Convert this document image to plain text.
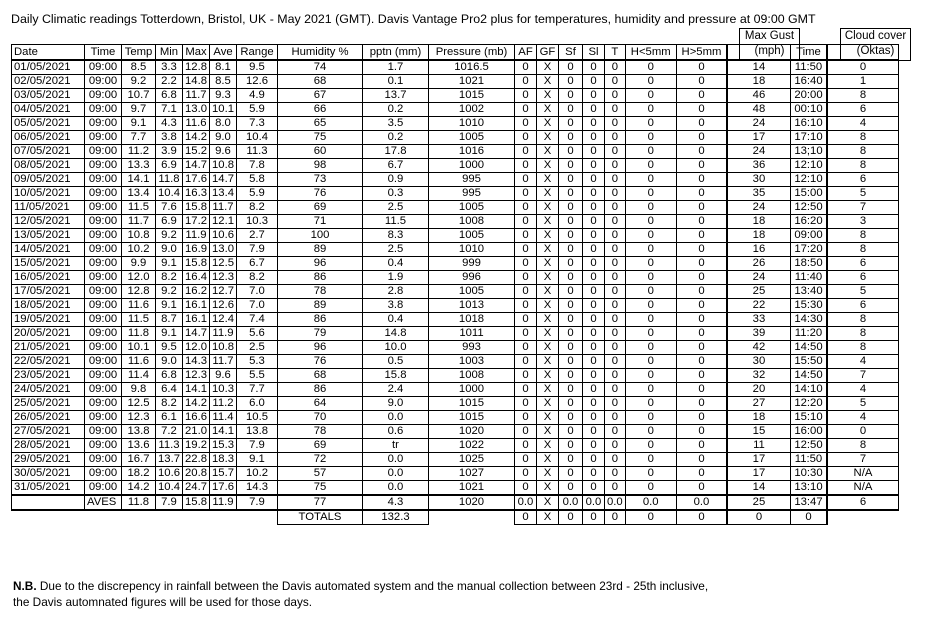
Daily Climatic readings Totterdown, Bristol, UK - May 2021 (GMT). Davis Vantage Pro2 plus for temperatures, humidity and pressure at 09:00 GMT
Max Gust
(mph)
Cloud cover
(Oktas)
Date	Time	Temp	Min	Max	Ave	Range	Humidity %	pptn (mm)	Pressure (mb)	AF	GF	Sf	Sl	T	H<5mm	H>5mm		Time	
01/05/2021	09:00	8.5	3.3	12.8	8.1	9.5	74	1.7	1016.5	0	X	0	0	0	0	0	14	11:50	0
02/05/2021	09:00	9.2	2.2	14.8	8.5	12.6	68	0.1	1021	0	X	0	0	0	0	0	18	16:40	1
03/05/2021	09:00	10.7	6.8	11.7	9.3	4.9	67	13.7	1015	0	X	0	0	0	0	0	46	20:00	8
04/05/2021	09:00	9.7	7.1	13.0	10.1	5.9	66	0.2	1002	0	X	0	0	0	0	0	48	00:10	6
05/05/2021	09:00	9.1	4.3	11.6	8.0	7.3	65	3.5	1010	0	X	0	0	0	0	0	24	16:10	4
06/05/2021	09:00	7.7	3.8	14.2	9.0	10.4	75	0.2	1005	0	X	0	0	0	0	0	17	17:10	8
07/05/2021	09:00	11.2	3.9	15.2	9.6	11.3	60	17.8	1016	0	X	0	0	0	0	0	24	13;10	8
08/05/2021	09:00	13.3	6.9	14.7	10.8	7.8	98	6.7	1000	0	X	0	0	0	0	0	36	12:10	8
09/05/2021	09:00	14.1	11.8	17.6	14.7	5.8	73	0.9	995	0	X	0	0	0	0	0	30	12:10	6
10/05/2021	09:00	13.4	10.4	16.3	13.4	5.9	76	0.3	995	0	X	0	0	0	0	0	35	15:00	5
11/05/2021	09:00	11.5	7.6	15.8	11.7	8.2	69	2.5	1005	0	X	0	0	0	0	0	24	12:50	7
12/05/2021	09:00	11.7	6.9	17.2	12.1	10.3	71	11.5	1008	0	X	0	0	0	0	0	18	16:20	3
13/05/2021	09:00	10.8	9.2	11.9	10.6	2.7	100	8.3	1005	0	X	0	0	0	0	0	18	09:00	8
14/05/2021	09:00	10.2	9.0	16.9	13.0	7.9	89	2.5	1010	0	X	0	0	0	0	0	16	17:20	8
15/05/2021	09:00	9.9	9.1	15.8	12.5	6.7	96	0.4	999	0	X	0	0	0	0	0	26	18:50	6
16/05/2021	09:00	12.0	8.2	16.4	12.3	8.2	86	1.9	996	0	X	0	0	0	0	0	24	11:40	6
17/05/2021	09:00	12.8	9.2	16.2	12.7	7.0	78	2.8	1005	0	X	0	0	0	0	0	25	13:40	5
18/05/2021	09:00	11.6	9.1	16.1	12.6	7.0	89	3.8	1013	0	X	0	0	0	0	0	22	15:30	6
19/05/2021	09:00	11.5	8.7	16.1	12.4	7.4	86	0.4	1018	0	X	0	0	0	0	0	33	14:30	8
20/05/2021	09:00	11.8	9.1	14.7	11.9	5.6	79	14.8	1011	0	X	0	0	0	0	0	39	11:20	8
21/05/2021	09:00	10.1	9.5	12.0	10.8	2.5	96	10.0	993	0	X	0	0	0	0	0	42	14:50	8
22/05/2021	09:00	11.6	9.0	14.3	11.7	5.3	76	0.5	1003	0	X	0	0	0	0	0	30	15:50	4
23/05/2021	09:00	11.4	6.8	12.3	9.6	5.5	68	15.8	1008	0	X	0	0	0	0	0	32	14:50	7
24/05/2021	09:00	9.8	6.4	14.1	10.3	7.7	86	2.4	1000	0	X	0	0	0	0	0	20	14:10	4
25/05/2021	09:00	12.5	8.2	14.2	11.2	6.0	64	9.0	1015	0	X	0	0	0	0	0	27	12:20	5
26/05/2021	09:00	12.3	6.1	16.6	11.4	10.5	70	0.0	1015	0	X	0	0	0	0	0	18	15:10	4
27/05/2021	09:00	13.8	7.2	21.0	14.1	13.8	78	0.6	1020	0	X	0	0	0	0	0	15	16:00	0
28/05/2021	09:00	13.6	11.3	19.2	15.3	7.9	69	tr	1022	0	X	0	0	0	0	0	11	12:50	8
29/05/2021	09:00	16.7	13.7	22.8	18.3	9.1	72	0.0	1025	0	X	0	0	0	0	0	17	11:50	7
30/05/2021	09:00	18.2	10.6	20.8	15.7	10.2	57	0.0	1027	0	X	0	0	0	0	0	17	10:30	N/A
31/05/2021	09:00	14.2	10.4	24.7	17.6	14.3	75	0.0	1021	0	X	0	0	0	0	0	14	13:10	N/A
	AVES	11.8	7.9	15.8	11.9	7.9	77	4.3	1020	0.0	X	0.0	0.0	0.0	0.0	0.0	25	13:47	6
							TOTALS	132.3		0	X	0	0	0	0	0	0	0	
N.B. Due to the discrepency in rainfall between the Davis automated system and the manual collection between 23rd - 25th inclusive,
the Davis automnated figures will be used for those days.
